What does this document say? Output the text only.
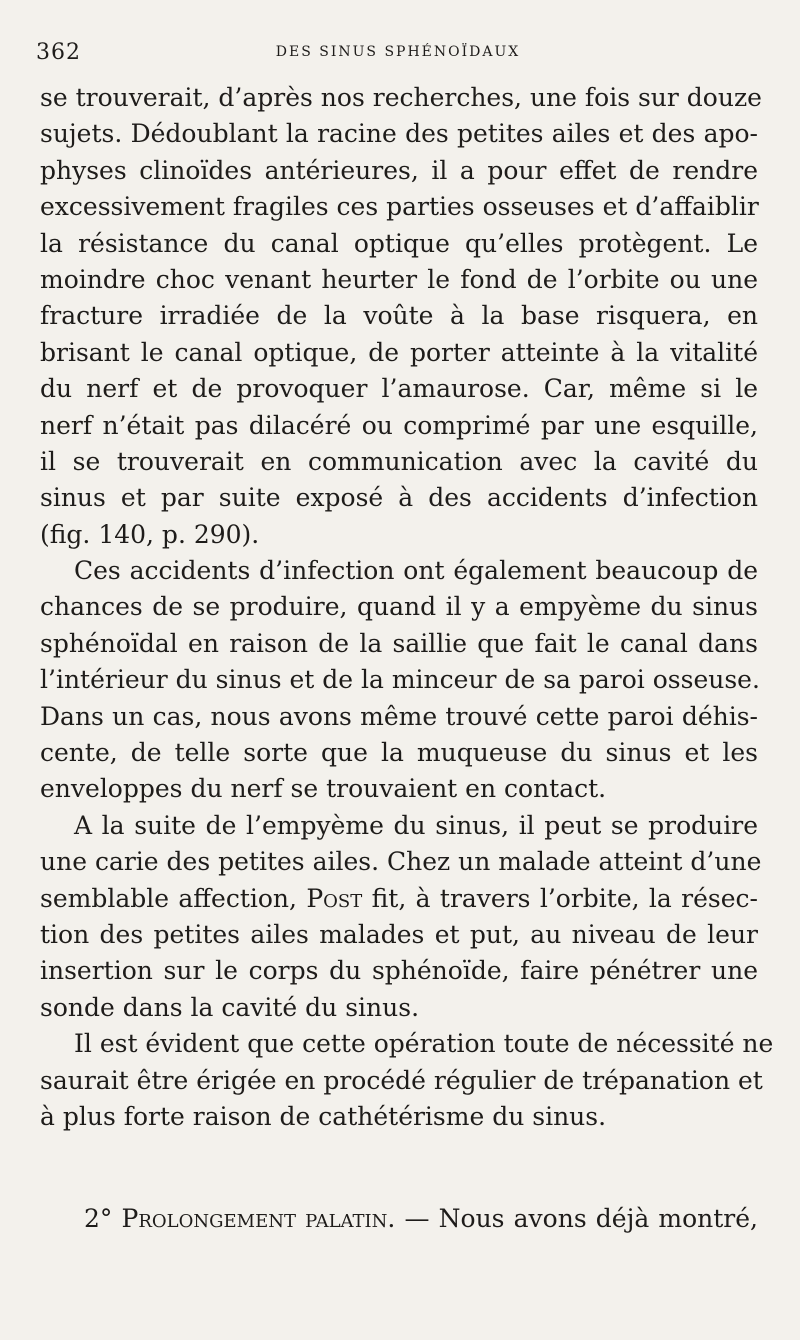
362	DES SINUS SPHÉNOÏDAUX
se trouverait, d’après nos recherches, une fois sur douze
sujets. Dédoublant la racine des petites ailes et des apo-
physes clinoïdes antérieures, il a pour effet de rendre
excessivement fragiles ces parties osseuses et d’affaiblir
la résistance du canal optique qu’elles protègent. Le
moindre choc venant heurter le fond de l’orbite ou une
fracture irradiée de la voûte à la base risquera, en
brisant le canal optique, de porter atteinte à la vitalité
du nerf et de provoquer l’amaurose. Car, même si le
nerf n’était pas dilacéré ou comprimé par une esquille,
il se trouverait en communication avec la cavité du
sinus et par suite exposé à des accidents d’infection
(fig. 140, p. 290).
Ces accidents d’infection ont également beaucoup de
chances de se produire, quand il y a empyème du sinus
sphénoïdal en raison de la saillie que fait le canal dans
l’intérieur du sinus et de la minceur de sa paroi osseuse.
Dans un cas, nous avons même trouvé cette paroi déhis-
cente, de telle sorte que la muqueuse du sinus et les
enveloppes du nerf se trouvaient en contact.
A la suite de l’empyème du sinus, il peut se produire
une carie des petites ailes. Chez un malade atteint d’une
semblable affection, Post fit, à travers l’orbite, la résec-
tion des petites ailes malades et put, au niveau de leur
insertion sur le corps du sphénoïde, faire pénétrer une
sonde dans la cavité du sinus.
Il est évident que cette opération toute de nécessité ne
saurait être érigée en procédé régulier de trépanation et
à plus forte raison de cathétérisme du sinus.
2° Prolongement palatin. — Nous avons déjà montré,
